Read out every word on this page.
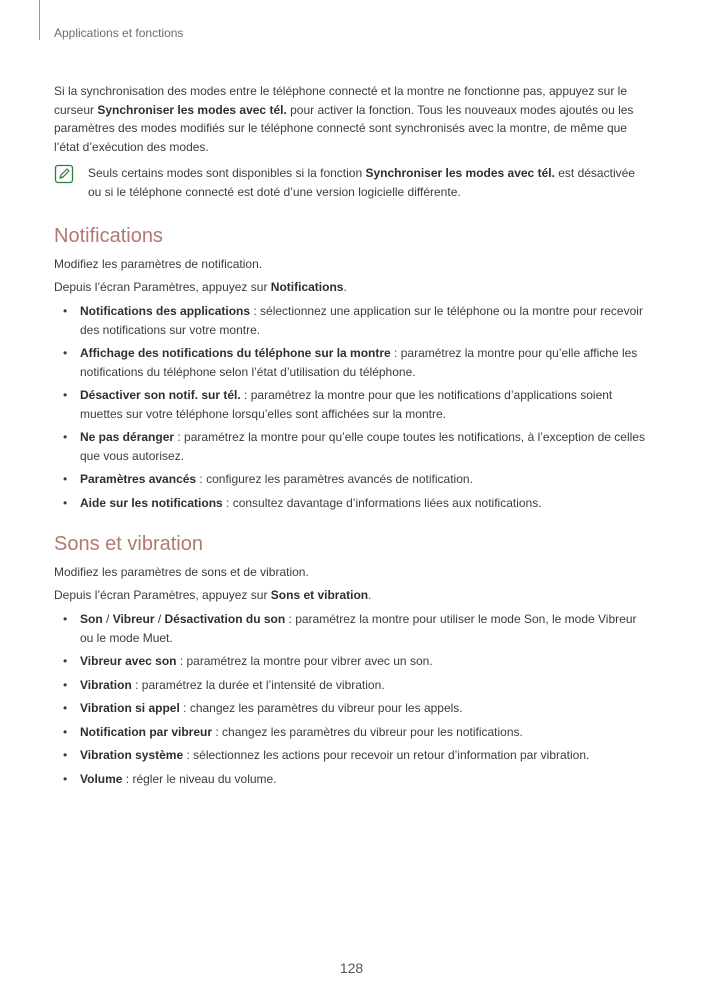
Applications et fonctions

Si la synchronisation des modes entre le téléphone connecté et la montre ne fonctionne pas, appuyez sur le curseur Synchroniser les modes avec tél. pour activer la fonction. Tous les nouveaux modes ajoutés ou les paramètres des modes modifiés sur le téléphone connecté sont synchronisés avec la montre, de même que l’état d’exécution des modes.

Seuls certains modes sont disponibles si la fonction Synchroniser les modes avec tél. est désactivée ou si le téléphone connecté est doté d’une version logicielle différente.

Notifications

Modifiez les paramètres de notification.

Depuis l’écran Paramètres, appuyez sur Notifications.

• Notifications des applications : sélectionnez une application sur le téléphone ou la montre pour recevoir des notifications sur votre montre.
• Affichage des notifications du téléphone sur la montre : paramétrez la montre pour qu’elle affiche les notifications du téléphone selon l’état d’utilisation du téléphone.
• Désactiver son notif. sur tél. : paramétrez la montre pour que les notifications d’applications soient muettes sur votre téléphone lorsqu’elles sont affichées sur la montre.
• Ne pas déranger : paramétrez la montre pour qu’elle coupe toutes les notifications, à l’exception de celles que vous autorisez.
• Paramètres avancés : configurez les paramètres avancés de notification.
• Aide sur les notifications : consultez davantage d’informations liées aux notifications.
Sons et vibration

Modifiez les paramètres de sons et de vibration.

Depuis l’écran Paramètres, appuyez sur Sons et vibration.

• Son / Vibreur / Désactivation du son : paramétrez la montre pour utiliser le mode Son, le mode Vibreur ou le mode Muet.
• Vibreur avec son : paramétrez la montre pour vibrer avec un son.
• Vibration : paramétrez la durée et l’intensité de vibration.
• Vibration si appel : changez les paramètres du vibreur pour les appels.
• Notification par vibreur : changez les paramètres du vibreur pour les notifications.
• Vibration système : sélectionnez les actions pour recevoir un retour d’information par vibration.
• Volume : régler le niveau du volume.
128
